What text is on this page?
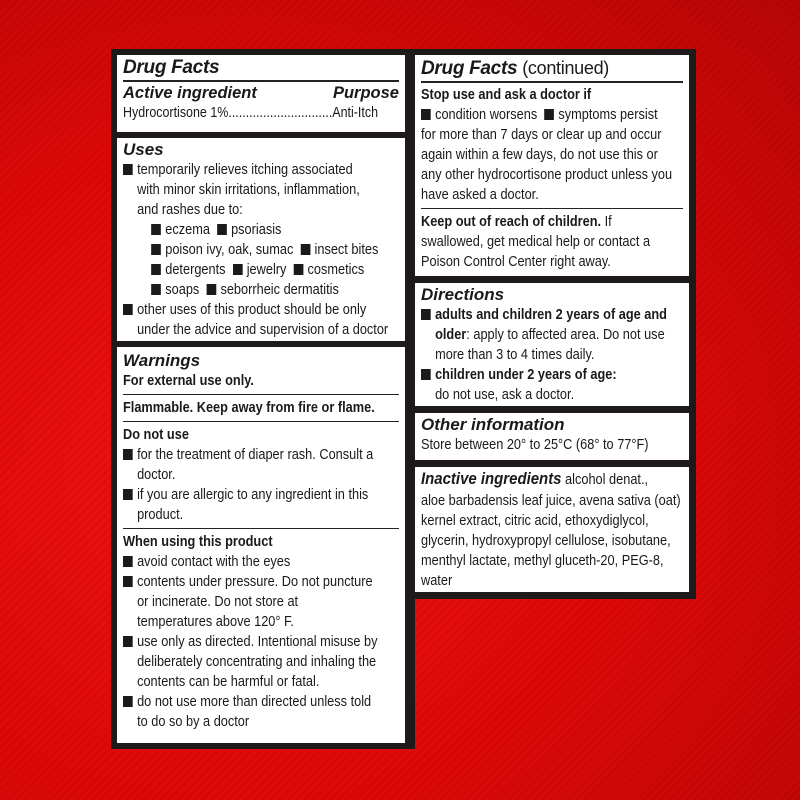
Drug Facts
Active ingredient	Purpose
Hydrocortisone 1%..............................Anti-Itch
Uses
temporarily relieves itching associated
with minor skin irritations, inflammation,
and rashes due to:
eczema psoriasis
poison ivy, oak, sumac insect bites
detergents jewelry cosmetics
soaps seborrheic dermatitis
other uses of this product should be only
under the advice and supervision of a doctor
Warnings
For external use only.
Flammable. Keep away from fire or flame.
Do not use
for the treatment of diaper rash. Consult a
doctor.
if you are allergic to any ingredient in this
product.
When using this product
avoid contact with the eyes
contents under pressure. Do not puncture
or incinerate. Do not store at
temperatures above 120° F.
use only as directed. Intentional misuse by
deliberately concentrating and inhaling the
contents can be harmful or fatal.
do not use more than directed unless told
to do so by a doctor
Drug Facts (continued)
Stop use and ask a doctor if
condition worsens symptoms persist
for more than 7 days or clear up and occur
again within a few days, do not use this or
any other hydrocortisone product unless you
have asked a doctor.
Keep out of reach of children. If
swallowed, get medical help or contact a
Poison Control Center right away.
Directions
adults and children 2 years of age and
older: apply to affected area. Do not use
more than 3 to 4 times daily.
children under 2 years of age:
do not use, ask a doctor.
Other information
Store between 20° to 25°C (68° to 77°F)
Inactive ingredients alcohol denat.,
aloe barbadensis leaf juice, avena sativa (oat)
kernel extract, citric acid, ethoxydiglycol,
glycerin, hydroxypropyl cellulose, isobutane,
menthyl lactate, methyl gluceth-20, PEG-8,
water
